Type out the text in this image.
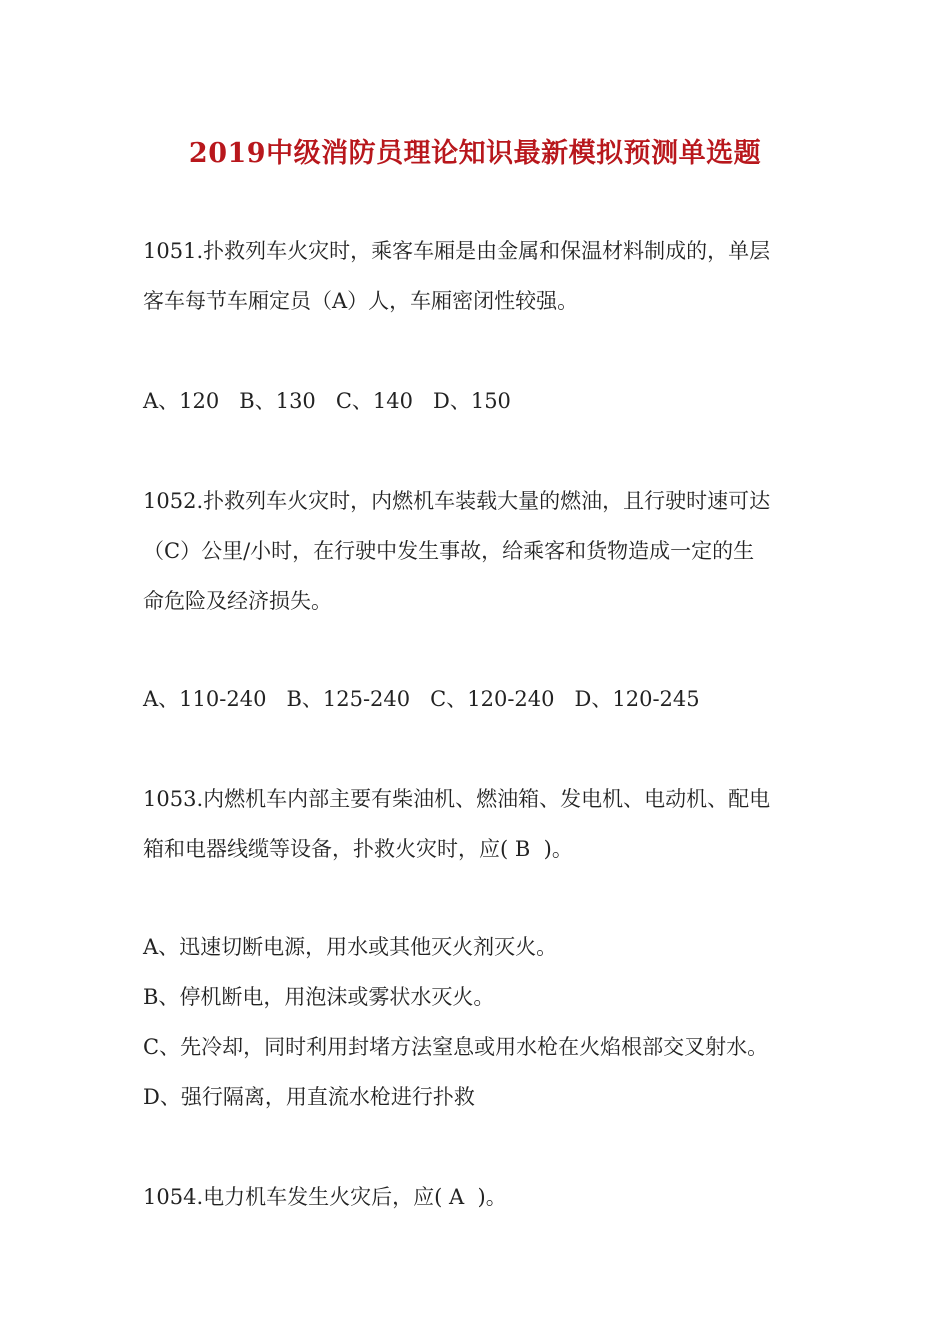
2019中级消防员理论知识最新模拟预测单选题
1051.扑救列车火灾时，乘客车厢是由金属和保温材料制成的，单层
客车每节车厢定员（A）人，车厢密闭性较强。
A、120   B、130   C、140   D、150
1052.扑救列车火灾时，内燃机车装载大量的燃油，且行驶时速可达
（C）公里/小时，在行驶中发生事故，给乘客和货物造成一定的生
命危险及经济损失。
A、110-240   B、125-240   C、120-240   D、120-245
1053.内燃机车内部主要有柴油机、燃油箱、发电机、电动机、配电
箱和电器线缆等设备，扑救火灾时，应( B  )。
A、迅速切断电源，用水或其他灭火剂灭火。
B、停机断电，用泡沫或雾状水灭火。
C、先冷却，同时利用封堵方法窒息或用水枪在火焰根部交叉射水。
D、强行隔离，用直流水枪进行扑救
1054.电力机车发生火灾后，应( A  )。
